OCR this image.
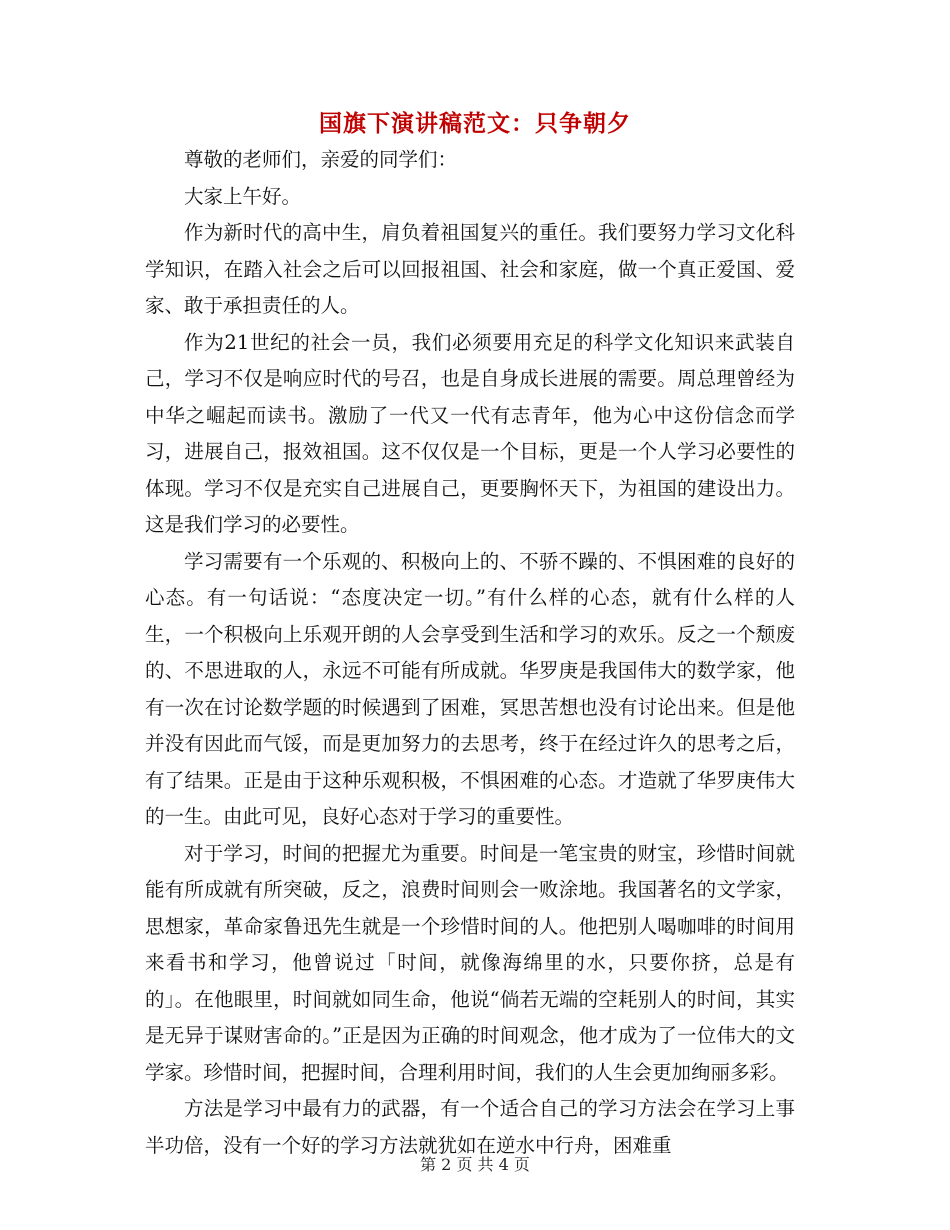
国旗下演讲稿范文：只争朝夕

尊敬的老师们，亲爱的同学们：

大家上午好。

作为新时代的高中生，肩负着祖国复兴的重任。我们要努力学习文化科学知识，在踏入社会之后可以回报祖国、社会和家庭，做一个真正爱国、爱家、敢于承担责任的人。

作为21世纪的社会一员，我们必须要用充足的科学文化知识来武装自己，学习不仅是响应时代的号召，也是自身成长进展的需要。周总理曾经为中华之崛起而读书。激励了一代又一代有志青年，他为心中这份信念而学习，进展自己，报效祖国。这不仅仅是一个目标，更是一个人学习必要性的体现。学习不仅是充实自己进展自己，更要胸怀天下，为祖国的建设出力。这是我们学习的必要性。

学习需要有一个乐观的、积极向上的、不骄不躁的、不惧困难的良好的心态。有一句话说：“态度决定一切。”有什么样的心态，就有什么样的人生，一个积极向上乐观开朗的人会享受到生活和学习的欢乐。反之一个颓废的、不思进取的人，永远不可能有所成就。华罗庚是我国伟大的数学家，他有一次在讨论数学题的时候遇到了困难，冥思苦想也没有讨论出来。但是他并没有因此而气馁，而是更加努力的去思考，终于在经过许久的思考之后，有了结果。正是由于这种乐观积极，不惧困难的心态。才造就了华罗庚伟大的一生。由此可见，良好心态对于学习的重要性。

对于学习，时间的把握尤为重要。时间是一笔宝贵的财宝，珍惜时间就能有所成就有所突破，反之，浪费时间则会一败涂地。我国著名的文学家，思想家，革命家鲁迅先生就是一个珍惜时间的人。他把别人喝咖啡的时间用来看书和学习，他曾说过「时间，就像海绵里的水，只要你挤，总是有的」。在他眼里，时间就如同生命，他说“倘若无端的空耗别人的时间，其实是无异于谋财害命的。”正是因为正确的时间观念，他才成为了一位伟大的文学家。珍惜时间，把握时间，合理利用时间，我们的人生会更加绚丽多彩。

方法是学习中最有力的武器，有一个适合自己的学习方法会在学习上事半功倍，没有一个好的学习方法就犹如在逆水中行舟，困难重

第 2 页 共 4 页
